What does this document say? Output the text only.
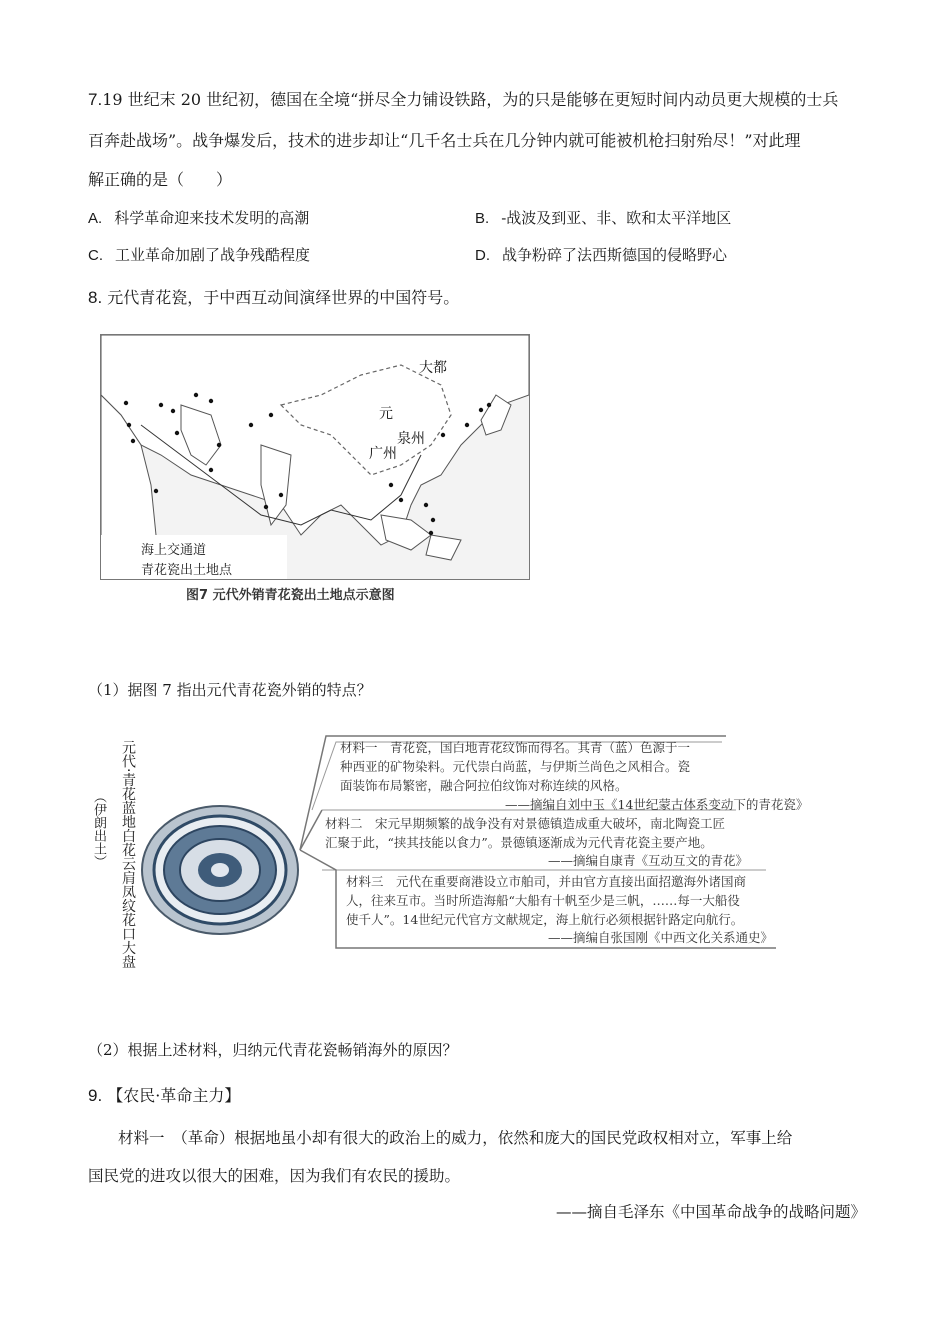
7.19 世纪末 20 世纪初，德国在全境“拼尽全力铺设铁路，为的只是能够在更短时间内动员更大规模的士兵
百奔赴战场”。战争爆发后，技术的进步却让“几千名士兵在几分钟内就可能被机枪扫射殆尽！”对此理
解正确的是（　　）
A. 科学革命迎来技术发明的高潮	B. -战波及到亚、非、欧和太平洋地区
C. 工业革命加剧了战争残酷程度	D. 战争粉碎了法西斯德国的侵略野心
8. 元代青花瓷，于中西互动间演绎世界的中国符号。
大都
元
泉州
广州
海上交通道
青花瓷出土地点
图7 元代外销青花瓷出土地点示意图
（1）据图 7 指出元代青花瓷外销的特点？
元代·青花蓝地白花云肩凤纹花口大盘
（伊朗出土）
材料一　青花瓷，国白地青花纹饰而得名。其青（蓝）色源于一
种西亚的矿物染料。元代崇白尚蓝，与伊斯兰尚色之风相合。瓷
面装饰布局繁密，融合阿拉伯纹饰对称连续的风格。
——摘编自刘中玉《14世纪蒙古体系变动下的青花瓷》
材料二　宋元早期频繁的战争没有对景德镇造成重大破坏，南北陶瓷工匠
汇聚于此，“挟其技能以食力”。景德镇逐渐成为元代青花瓷主要产地。
——摘编自康青《互动互文的青花》
材料三　元代在重要商港设立市舶司，并由官方直接出面招邀海外诸国商
人，往来互市。当时所造海船“大船有十帆至少是三帆，……每一大船役
使千人”。14世纪元代官方文献规定，海上航行必须根据针路定向航行。
——摘编自张国刚《中西文化关系通史》
（2）根据上述材料，归纳元代青花瓷畅销海外的原因？
9. 【农民·革命主力】
材料一　（革命）根据地虽小却有很大的政治上的威力，依然和庞大的国民党政权相对立，军事上给
国民党的进攻以很大的困难，因为我们有农民的援助。
——摘自毛泽东《中国革命战争的战略问题》
